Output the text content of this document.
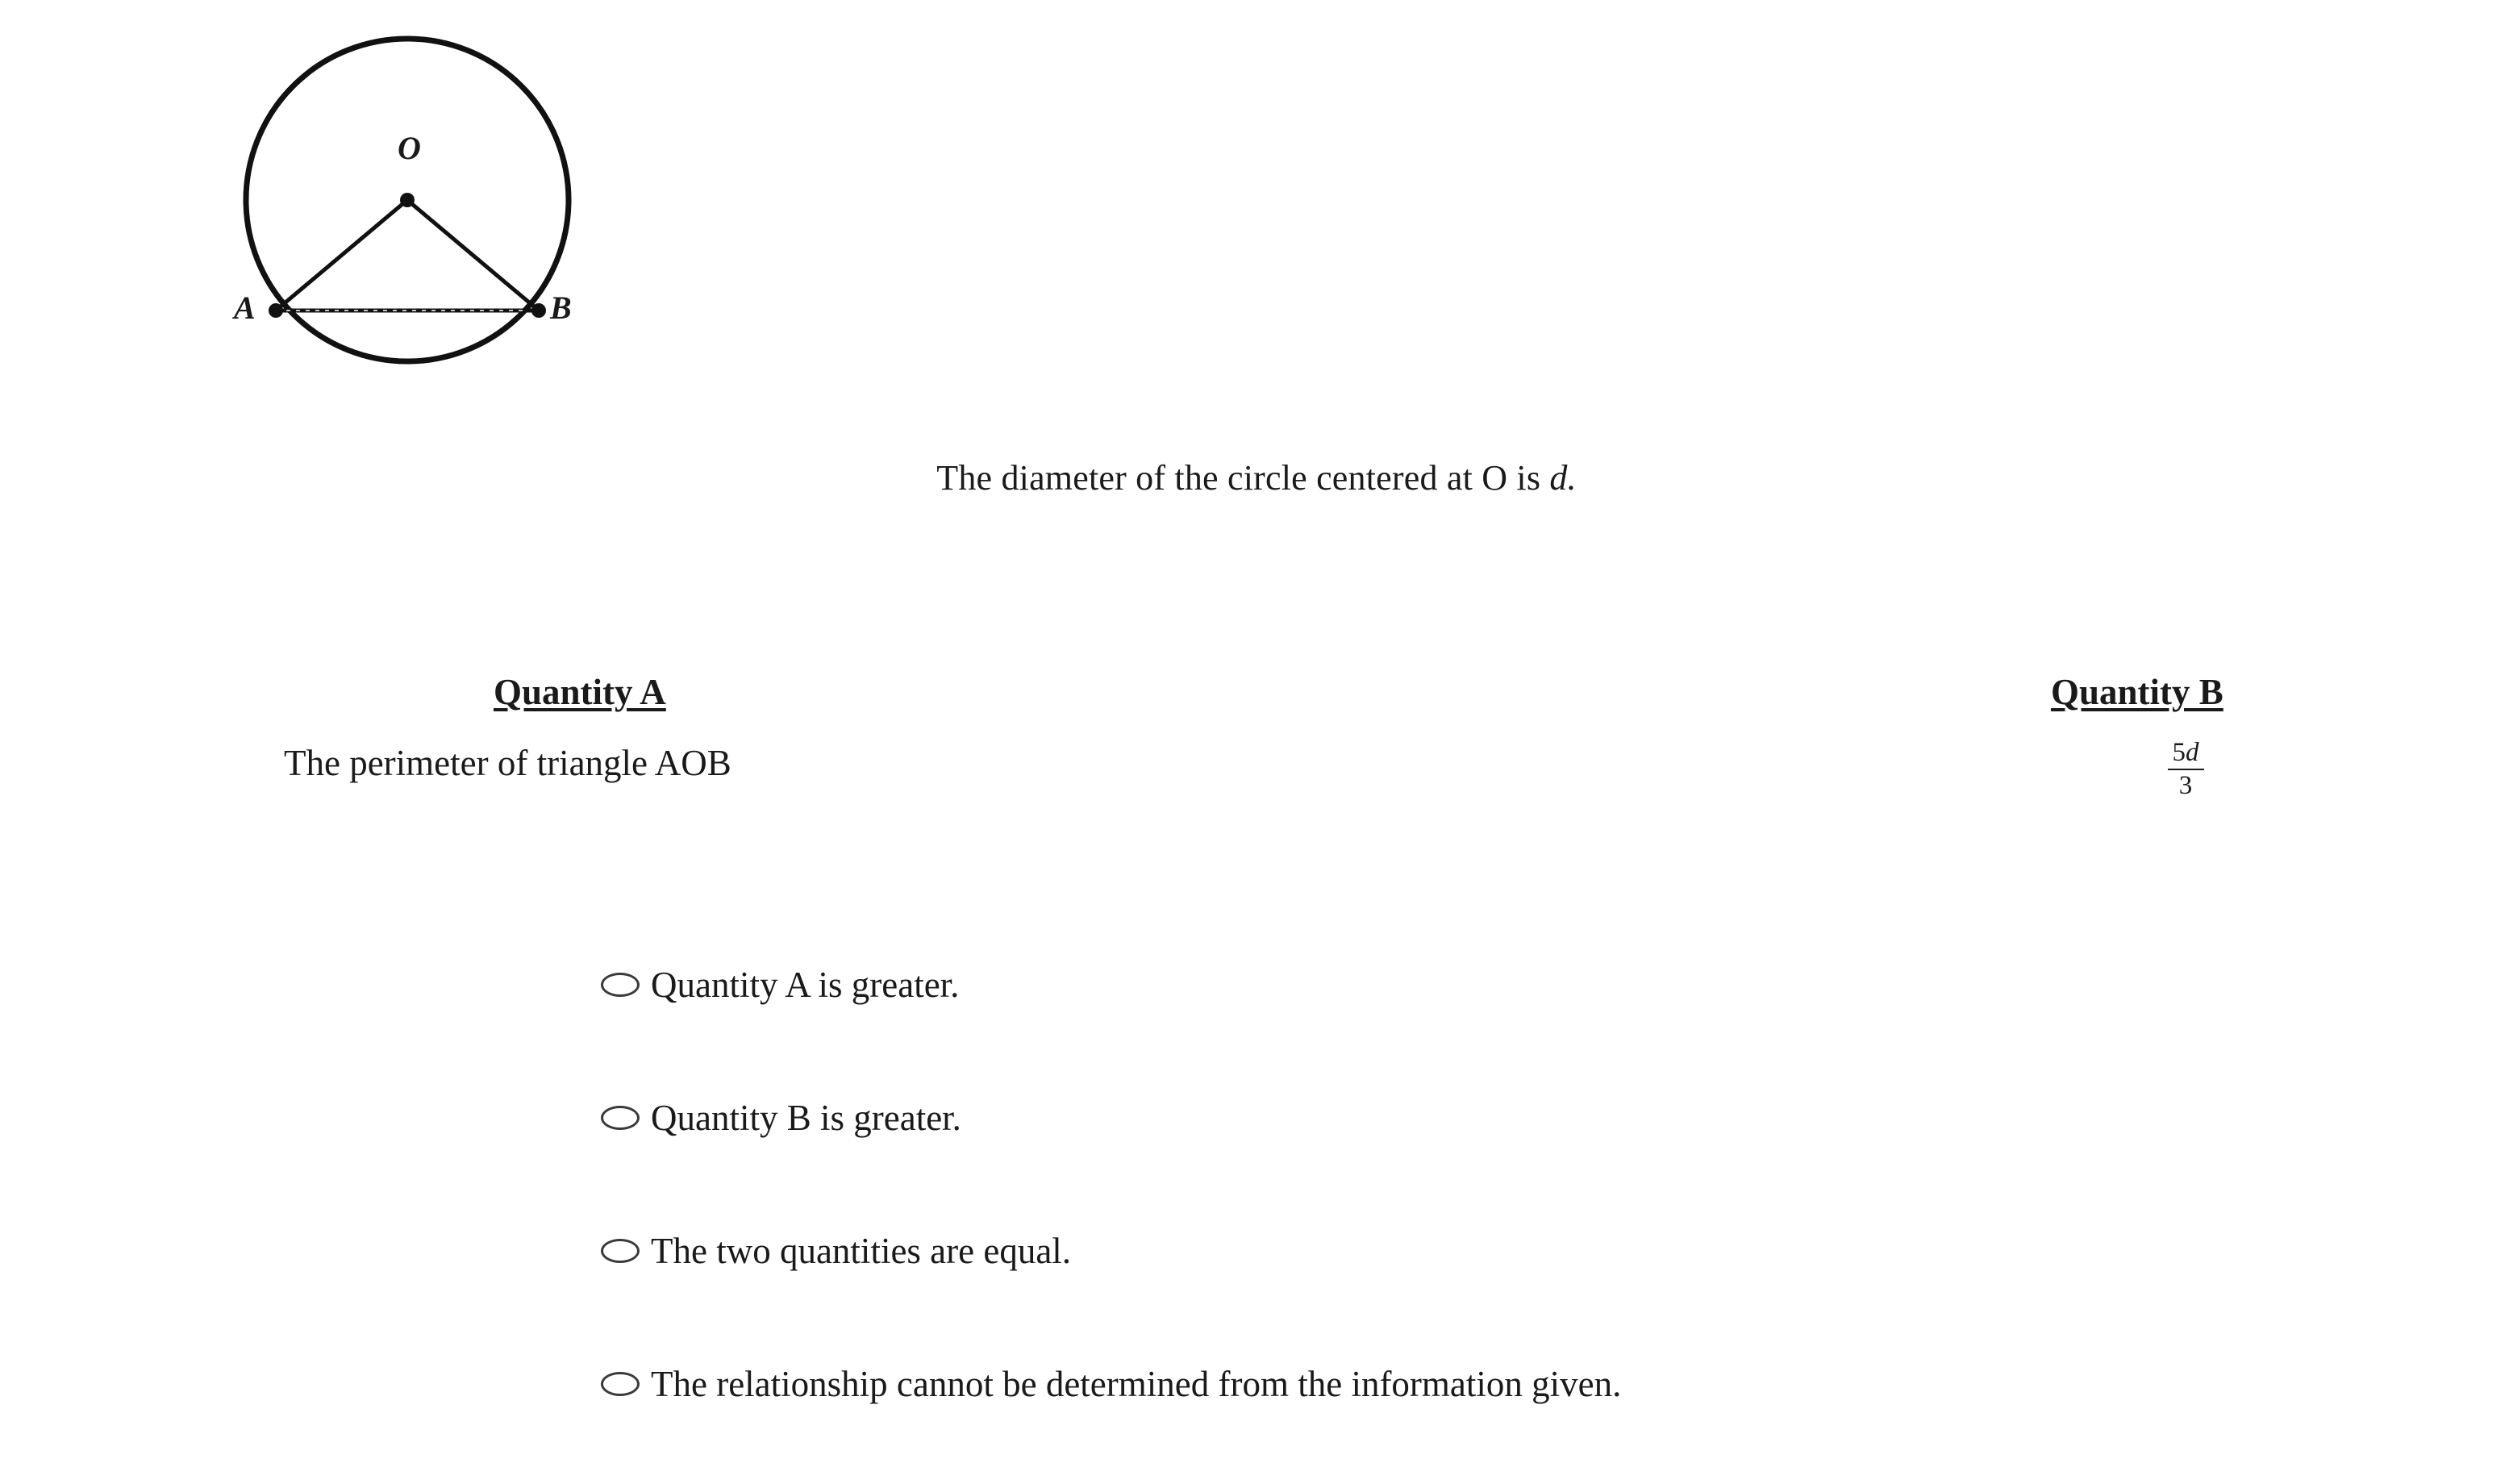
O
A	B
The diameter of the circle centered at O is d.
Quantity A	Quantity B
The perimeter of triangle AOB	$\frac{5d}{3}$
Quantity A is greater.
Quantity B is greater.
The two quantities are equal.
The relationship cannot be determined from the information given.
